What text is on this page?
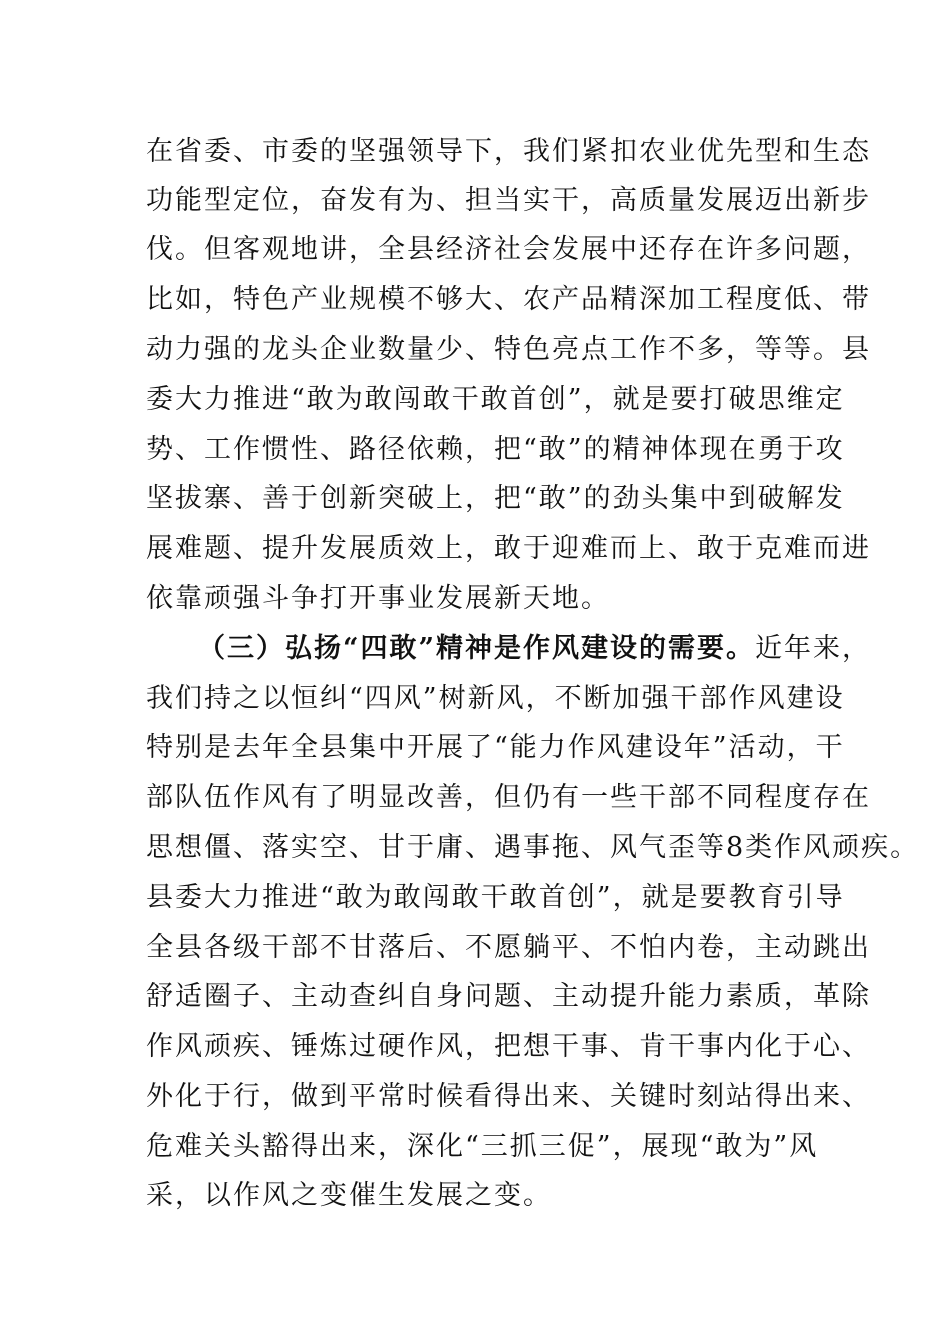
在省委、市委的坚强领导下，我们紧扣农业优先型和生态
功能型定位，奋发有为、担当实干，高质量发展迈出新步
伐。但客观地讲，全县经济社会发展中还存在许多问题，
比如，特色产业规模不够大、农产品精深加工程度低、带
动力强的龙头企业数量少、特色亮点工作不多，等等。县
委大力推进“敢为敢闯敢干敢首创”，就是要打破思维定
势、工作惯性、路径依赖，把“敢”的精神体现在勇于攻
坚拔寨、善于创新突破上，把“敢”的劲头集中到破解发
展难题、提升发展质效上，敢于迎难而上、敢于克难而进
依靠顽强斗争打开事业发展新天地。
（三）弘扬“四敢”精神是作风建设的需要。近年来，
我们持之以恒纠“四风”树新风，不断加强干部作风建设
特别是去年全县集中开展了“能力作风建设年”活动，干
部队伍作风有了明显改善，但仍有一些干部不同程度存在
思想僵、落实空、甘于庸、遇事拖、风气歪等8类作风顽疾。
县委大力推进“敢为敢闯敢干敢首创”，就是要教育引导
全县各级干部不甘落后、不愿躺平、不怕内卷，主动跳出
舒适圈子、主动查纠自身问题、主动提升能力素质，革除
作风顽疾、锤炼过硬作风，把想干事、肯干事内化于心、
外化于行，做到平常时候看得出来、关键时刻站得出来、
危难关头豁得出来，深化“三抓三促”，展现“敢为”风
采，以作风之变催生发展之变。
